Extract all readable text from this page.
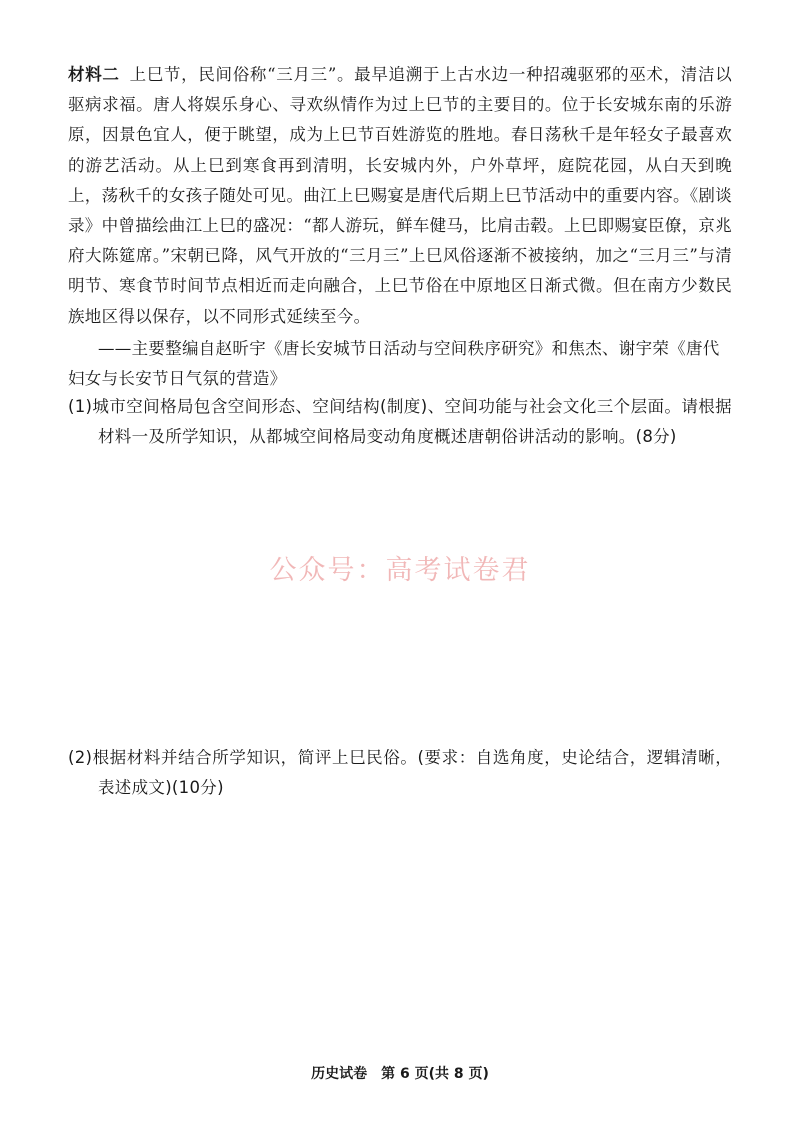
材料二 上巳节，民间俗称“三月三”。最早追溯于上古水边一种招魂驱邪的巫术，清洁以驱病求福。唐人将娱乐身心、寻欢纵情作为过上巳节的主要目的。位于长安城东南的乐游原，因景色宜人，便于眺望，成为上巳节百姓游览的胜地。春日荡秋千是年轻女子最喜欢的游艺活动。从上巳到寒食再到清明，长安城内外，户外草坪，庭院花园，从白天到晚上，荡秋千的女孩子随处可见。曲江上巳赐宴是唐代后期上巳节活动中的重要内容。《剧谈录》中曾描绘曲江上巳的盛况：“都人游玩，鲜车健马，比肩击毂。上巳即赐宴臣僚，京兆府大陈筵席。”宋朝已降，风气开放的“三月三”上巳风俗逐渐不被接纳，加之“三月三”与清明节、寒食节时间节点相近而走向融合，上巳节俗在中原地区日渐式微。但在南方少数民族地区得以保存，以不同形式延续至今。
——主要整编自赵昕宇《唐长安城节日活动与空间秩序研究》和焦杰、谢宇荣《唐代妇女与长安节日气氛的营造》
(1)城市空间格局包含空间形态、空间结构(制度)、空间功能与社会文化三个层面。请根据材料一及所学知识，从都城空间格局变动角度概述唐朝俗讲活动的影响。(8分)
公众号：高考试卷君
(2)根据材料并结合所学知识，简评上巳民俗。(要求：自选角度，史论结合，逻辑清晰，表述成文)(10分)
历史试卷　第 6 页(共 8 页)
